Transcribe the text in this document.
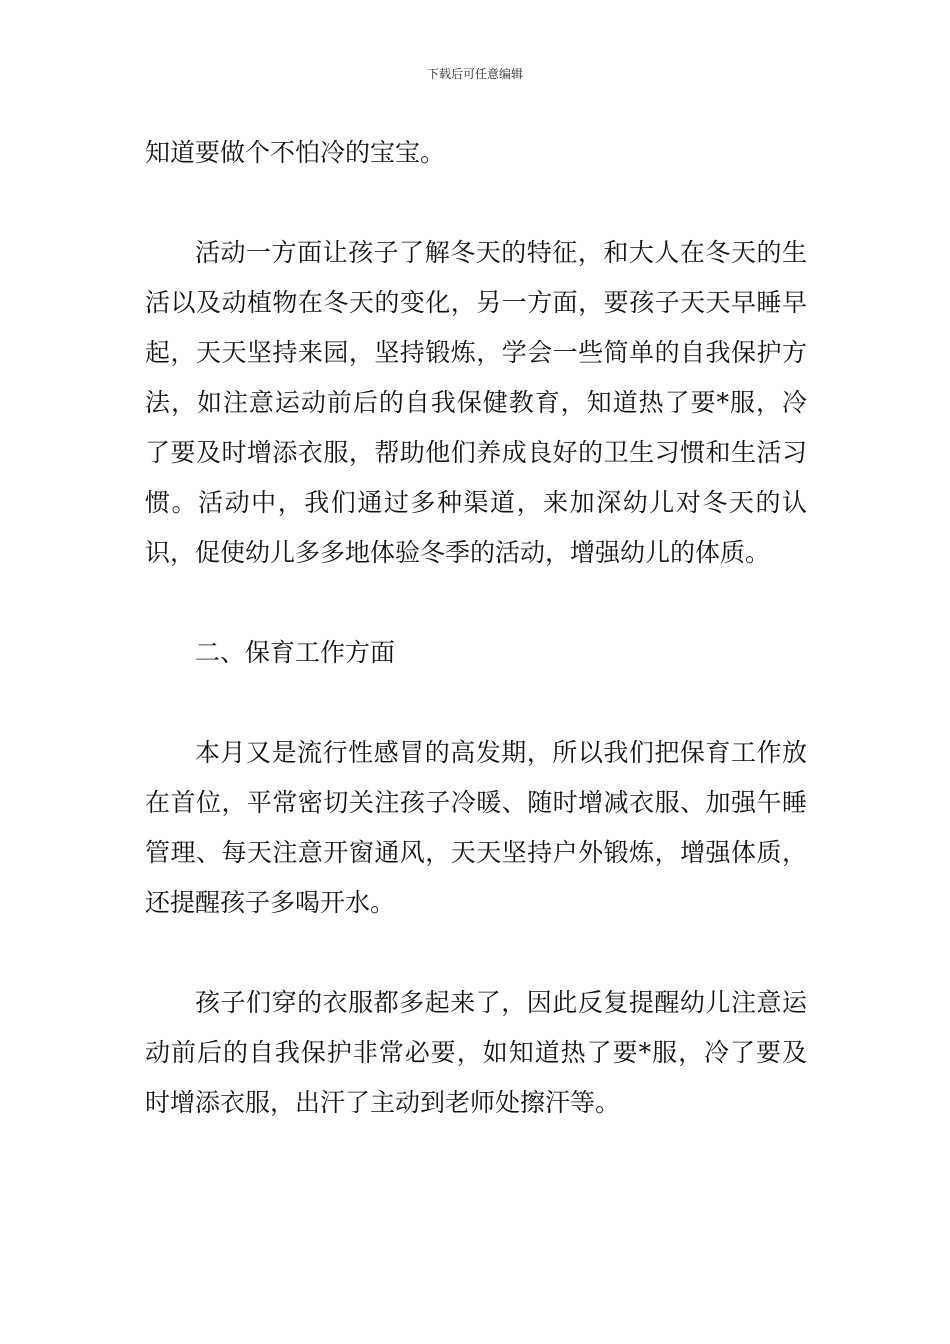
下载后可任意编辑

知道要做个不怕冷的宝宝。

活动一方面让孩子了解冬天的特征，和大人在冬天的生活以及动植物在冬天的变化，另一方面，要孩子天天早睡早起，天天坚持来园，坚持锻炼，学会一些简单的自我保护方法，如注意运动前后的自我保健教育，知道热了要*服，冷了要及时增添衣服，帮助他们养成良好的卫生习惯和生活习惯。活动中，我们通过多种渠道，来加深幼儿对冬天的认识，促使幼儿多多地体验冬季的活动，增强幼儿的体质。

二、保育工作方面

本月又是流行性感冒的高发期，所以我们把保育工作放在首位，平常密切关注孩子冷暖、随时增减衣服、加强午睡管理、每天注意开窗通风，天天坚持户外锻炼，增强体质，还提醒孩子多喝开水。

孩子们穿的衣服都多起来了，因此反复提醒幼儿注意运动前后的自我保护非常必要，如知道热了要*服，冷了要及时增添衣服，出汗了主动到老师处擦汗等。
